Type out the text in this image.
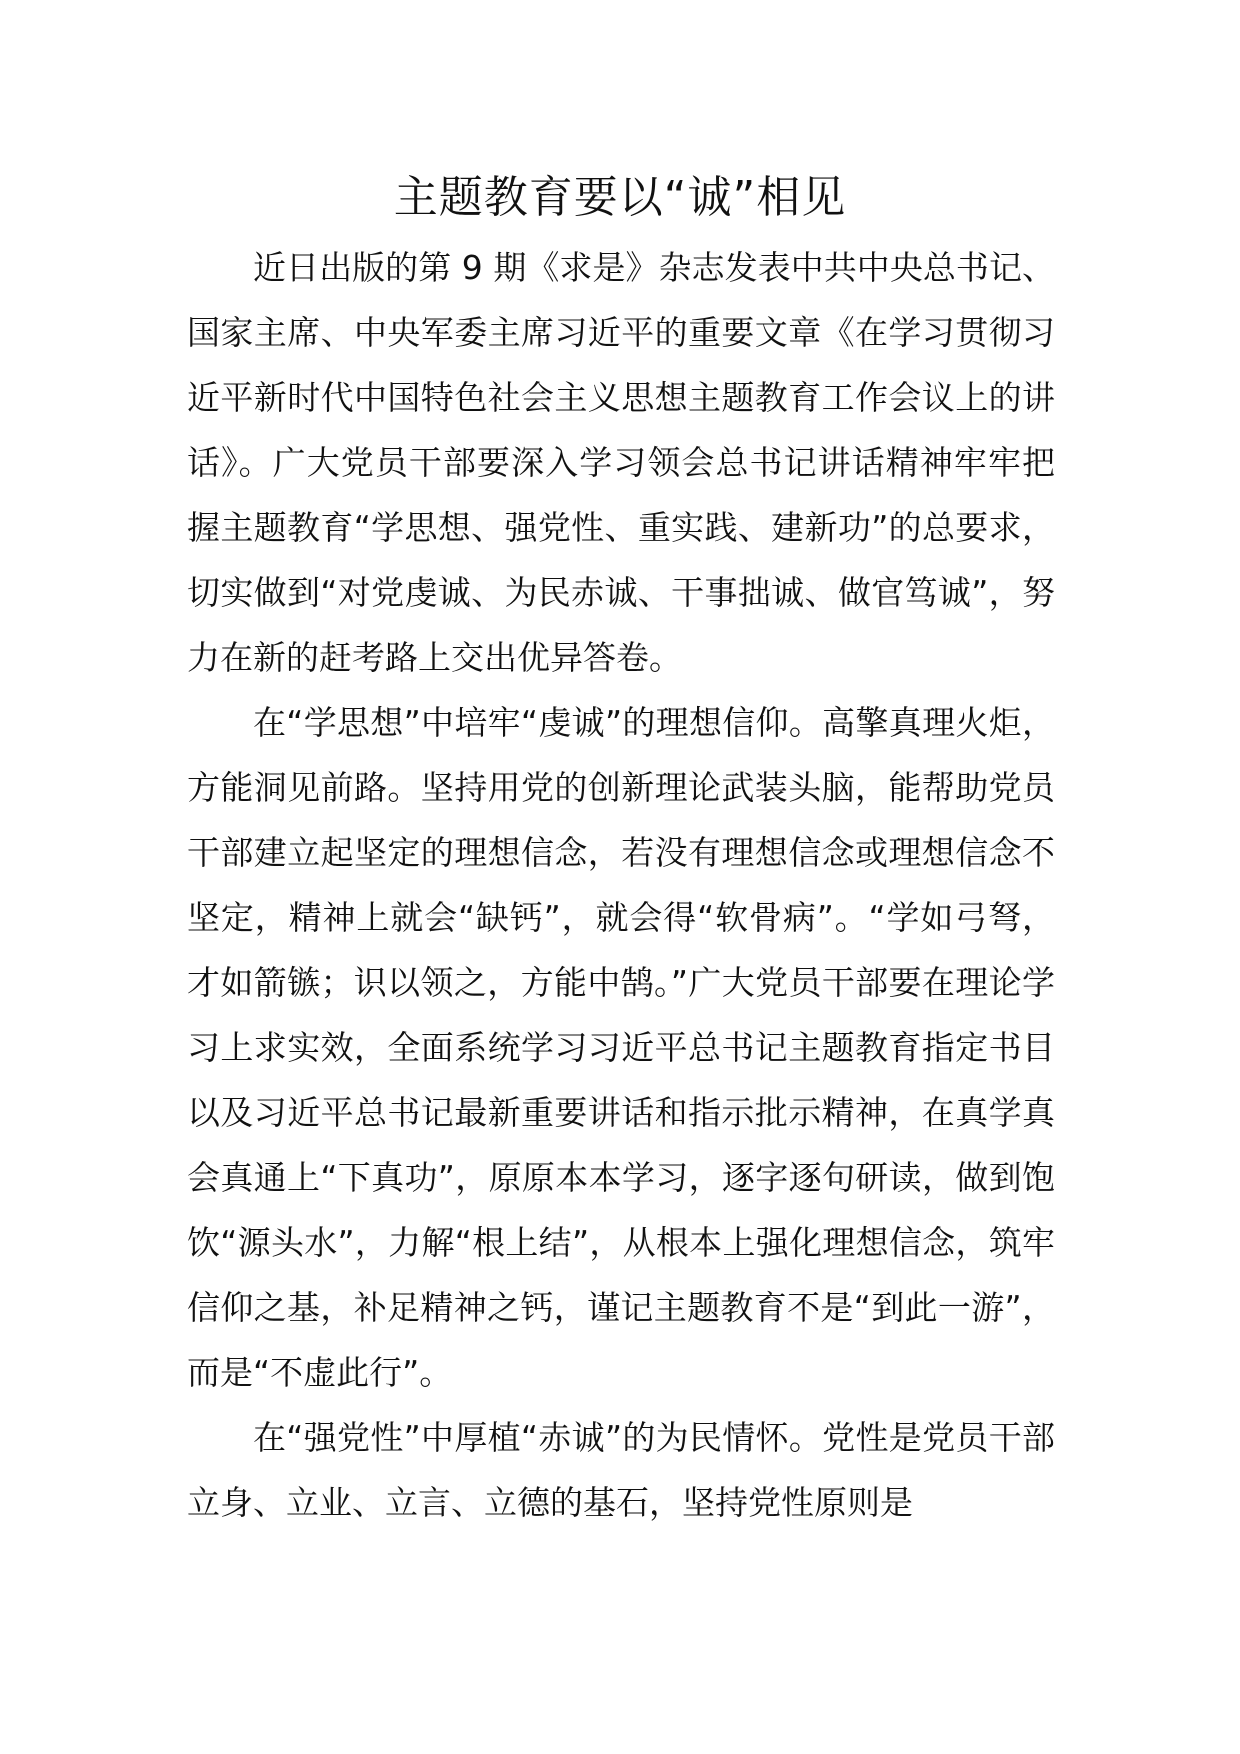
主题教育要以“诚”相见

近日出版的第 9 期《求是》杂志发表中共中央总书记、国家主席、中央军委主席习近平的重要文章《在学习贯彻习近平新时代中国特色社会主义思想主题教育工作会议上的讲话》。广大党员干部要深入学习领会总书记讲话精神牢牢把握主题教育“学思想、强党性、重实践、建新功”的总要求，切实做到“对党虔诚、为民赤诚、干事拙诚、做官笃诚”，努力在新的赶考路上交出优异答卷。

在“学思想”中培牢“虔诚”的理想信仰。高擎真理火炬，方能洞见前路。坚持用党的创新理论武装头脑，能帮助党员干部建立起坚定的理想信念，若没有理想信念或理想信念不坚定，精神上就会“缺钙”，就会得“软骨病”。“学如弓弩，才如箭镞；识以领之，方能中鹄。”广大党员干部要在理论学习上求实效，全面系统学习习近平总书记主题教育指定书目以及习近平总书记最新重要讲话和指示批示精神，在真学真会真通上“下真功”，原原本本学习，逐字逐句研读，做到饱饮“源头水”，力解“根上结”，从根本上强化理想信念，筑牢信仰之基，补足精神之钙，谨记主题教育不是“到此一游”，而是“不虚此行”。

在“强党性”中厚植“赤诚”的为民情怀。党性是党员干部立身、立业、立言、立德的基石，坚持党性原则是
